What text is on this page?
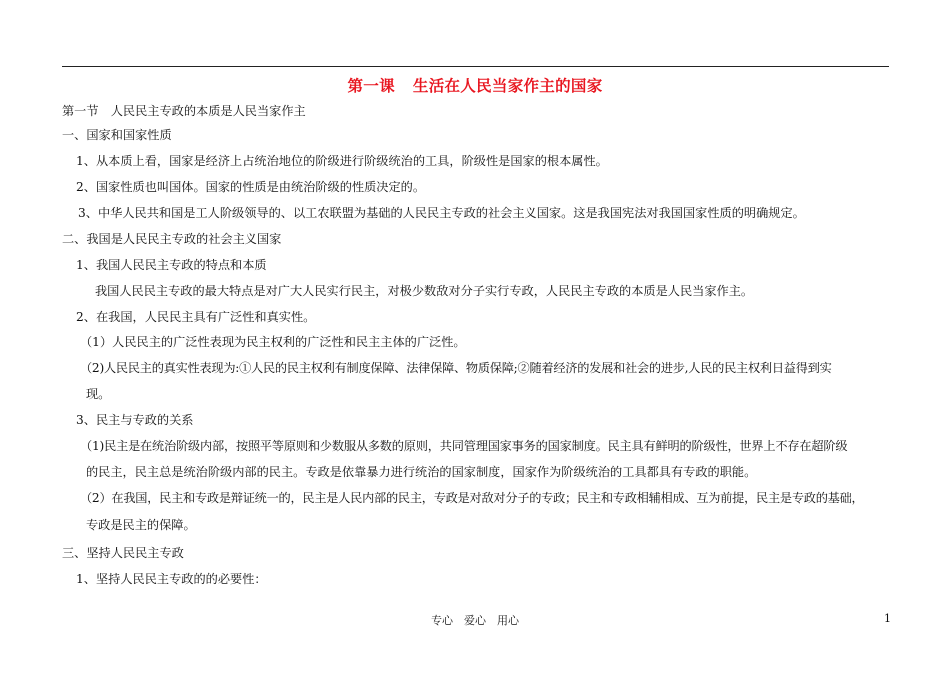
第一课 生活在人民当家作主的国家
第一节　人民民主专政的本质是人民当家作主
一、国家和国家性质
1、从本质上看，国家是经济上占统治地位的阶级进行阶级统治的工具，阶级性是国家的根本属性。
2、国家性质也叫国体。国家的性质是由统治阶级的性质决定的。
3、中华人民共和国是工人阶级领导的、以工农联盟为基础的人民民主专政的社会主义国家。这是我国宪法对我国国家性质的明确规定。
二、我国是人民民主专政的社会主义国家
1、我国人民民主专政的特点和本质
我国人民民主专政的最大特点是对广大人民实行民主，对极少数敌对分子实行专政，人民民主专政的本质是人民当家作主。
2、在我国，人民民主具有广泛性和真实性。
（1）人民民主的广泛性表现为民主权利的广泛性和民主主体的广泛性。
（2)人民民主的真实性表现为:①人民的民主权利有制度保障、法律保障、物质保障;②随着经济的发展和社会的进步,人民的民主权利日益得到实
现。
3、民主与专政的关系
（1)民主是在统治阶级内部，按照平等原则和少数服从多数的原则，共同管理国家事务的国家制度。民主具有鲜明的阶级性，世界上不存在超阶级
的民主，民主总是统治阶级内部的民主。专政是依靠暴力进行统治的国家制度，国家作为阶级统治的工具都具有专政的职能。
（2）在我国，民主和专政是辩证统一的，民主是人民内部的民主，专政是对敌对分子的专政；民主和专政相辅相成、互为前提，民主是专政的基础，
专政是民主的保障。
三、坚持人民民主专政
1、坚持人民民主专政的的必要性：
专心　爱心　用心	1
